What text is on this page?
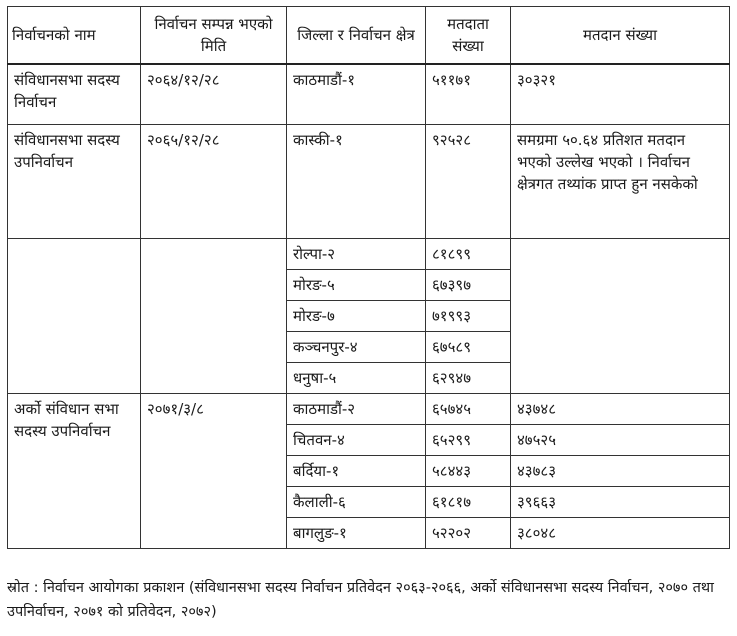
निर्वाचनको नाम	निर्वाचन सम्पन्न भएको मिति	जिल्ला र निर्वाचन क्षेत्र	मतदाता संख्या	मतदान संख्या
संविधानसभा सदस्य निर्वाचन	२०६४/१२/२८	काठमाडौं-१	५११७१	३०३२१
संविधानसभा सदस्य उपनिर्वाचन	२०६५/१२/२८	कास्की-१	९२५२८	समग्रमा ५०.६४ प्रतिशत मतदान भएको उल्लेख भएको । निर्वाचन क्षेत्रगत तथ्यांक प्राप्त हुन नसकेको
		रोल्पा-२	८१८९९	
		मोरङ-५	६७३९७	
		मोरङ-७	७१९९३	
		कञ्चनपुर-४	६७५८९	
		धनुषा-५	६२९४७	
अर्को संविधान सभा सदस्य उपनिर्वाचन	२०७१/३/८	काठमाडौं-२	६५७४५	४३७४८
		चितवन-४	६५२९९	४७५२५
		बर्दिया-१	५८४४३	४३७८३
		कैलाली-६	६१८१७	३९६६३
		बागलुङ-१	५२२०२	३८०४८
स्रोत : निर्वाचन आयोगका प्रकाशन (संविधानसभा सदस्य निर्वाचन प्रतिवेदन २०६३-२०६६, अर्को संविधानसभा सदस्य निर्वाचन, २०७० तथा उपनिर्वाचन, २०७१ को प्रतिवेदन, २०७२)
